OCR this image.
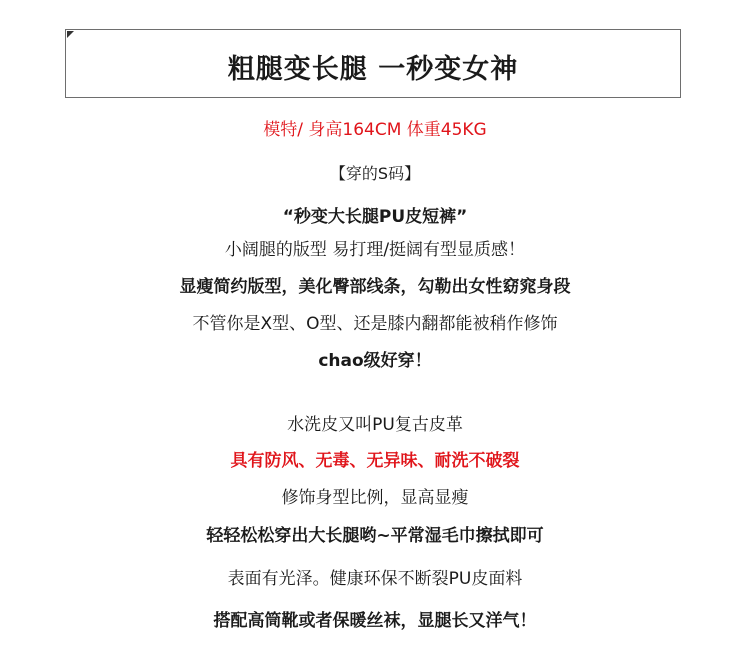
粗腿变长腿 一秒变女神
模特/ 身高164CM 体重45KG
【穿的S码】
“秒变大长腿PU皮短裤”
小阔腿的版型 易打理/挺阔有型显质感！
显瘦简约版型，美化臀部线条，勾勒出女性窈窕身段
不管你是X型、O型、还是膝内翻都能被稍作修饰
chao级好穿！
水洗皮又叫PU复古皮革
具有防风、无毒、无异味、耐洗不破裂
修饰身型比例，显高显瘦
轻轻松松穿出大长腿哟~平常湿毛巾擦拭即可
表面有光泽。健康环保不断裂PU皮面料
搭配高筒靴或者保暖丝袜，显腿长又洋气！
